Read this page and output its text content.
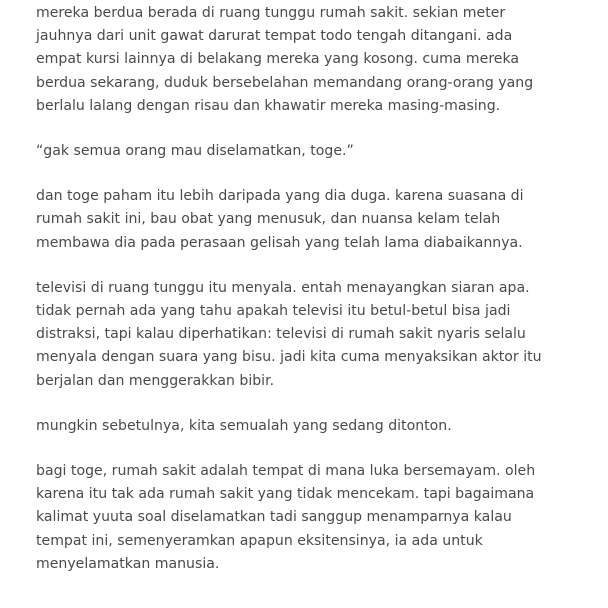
mereka berdua berada di ruang tunggu rumah sakit. sekian meter
jauhnya dari unit gawat darurat tempat todo tengah ditangani. ada
empat kursi lainnya di belakang mereka yang kosong. cuma mereka
berdua sekarang, duduk bersebelahan memandang orang-orang yang
berlalu lalang dengan risau dan khawatir mereka masing-masing.

“gak semua orang mau diselamatkan, toge.”

dan toge paham itu lebih daripada yang dia duga. karena suasana di
rumah sakit ini, bau obat yang menusuk, dan nuansa kelam telah
membawa dia pada perasaan gelisah yang telah lama diabaikannya.

televisi di ruang tunggu itu menyala. entah menayangkan siaran apa.
tidak pernah ada yang tahu apakah televisi itu betul-betul bisa jadi
distraksi, tapi kalau diperhatikan: televisi di rumah sakit nyaris selalu
menyala dengan suara yang bisu. jadi kita cuma menyaksikan aktor itu
berjalan dan menggerakkan bibir.

mungkin sebetulnya, kita semualah yang sedang ditonton.

bagi toge, rumah sakit adalah tempat di mana luka bersemayam. oleh
karena itu tak ada rumah sakit yang tidak mencekam. tapi bagaimana
kalimat yuuta soal diselamatkan tadi sanggup menamparnya kalau
tempat ini, semenyeramkan apapun eksitensinya, ia ada untuk
menyelamatkan manusia.
